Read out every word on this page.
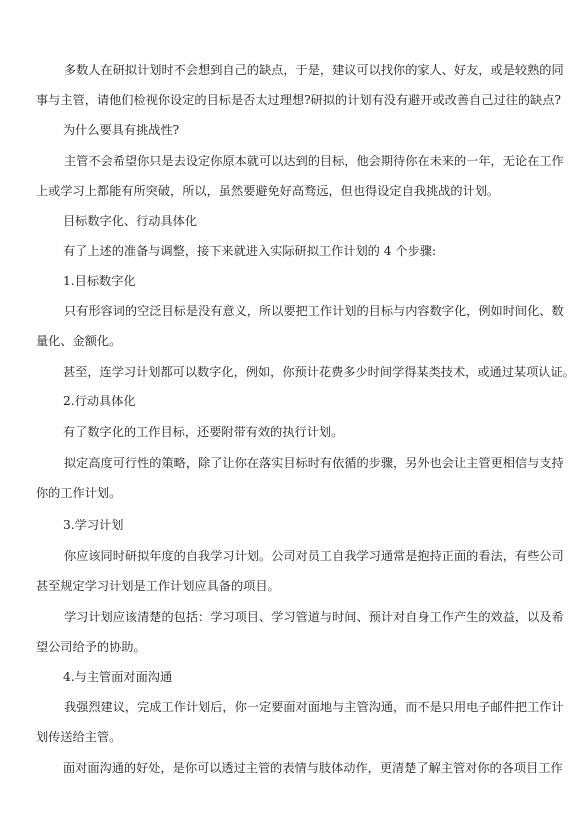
多数人在研拟计划时不会想到自己的缺点，于是，建议可以找你的家人、好友，或是较熟的同
事与主管，请他们检视你设定的目标是否太过理想?研拟的计划有没有避开或改善自己过往的缺点?
为什么要具有挑战性?
主管不会希望你只是去设定你原本就可以达到的目标，他会期待你在未来的一年，无论在工作
上或学习上都能有所突破，所以，虽然要避免好高骛远，但也得设定自我挑战的计划。
目标数字化、行动具体化
有了上述的准备与调整，接下来就进入实际研拟工作计划的 4 个步骤:
1.目标数字化
只有形容词的空泛目标是没有意义，所以要把工作计划的目标与内容数字化，例如时间化、数
量化、金额化。
甚至，连学习计划都可以数字化，例如，你预计花费多少时间学得某类技术，或通过某项认证。
2.行动具体化
有了数字化的工作目标，还要附带有效的执行计划。
拟定高度可行性的策略，除了让你在落实目标时有依循的步骤，另外也会让主管更相信与支持
你的工作计划。
3.学习计划
你应该同时研拟年度的自我学习计划。公司对员工自我学习通常是抱持正面的看法，有些公司
甚至规定学习计划是工作计划应具备的项目。
学习计划应该清楚的包括：学习项目、学习管道与时间、预计对自身工作产生的效益，以及希
望公司给予的协助。
4.与主管面对面沟通
我强烈建议，完成工作计划后，你一定要面对面地与主管沟通，而不是只用电子邮件把工作计
划传送给主管。
面对面沟通的好处，是你可以透过主管的表情与肢体动作，更清楚了解主管对你的各项目工作
